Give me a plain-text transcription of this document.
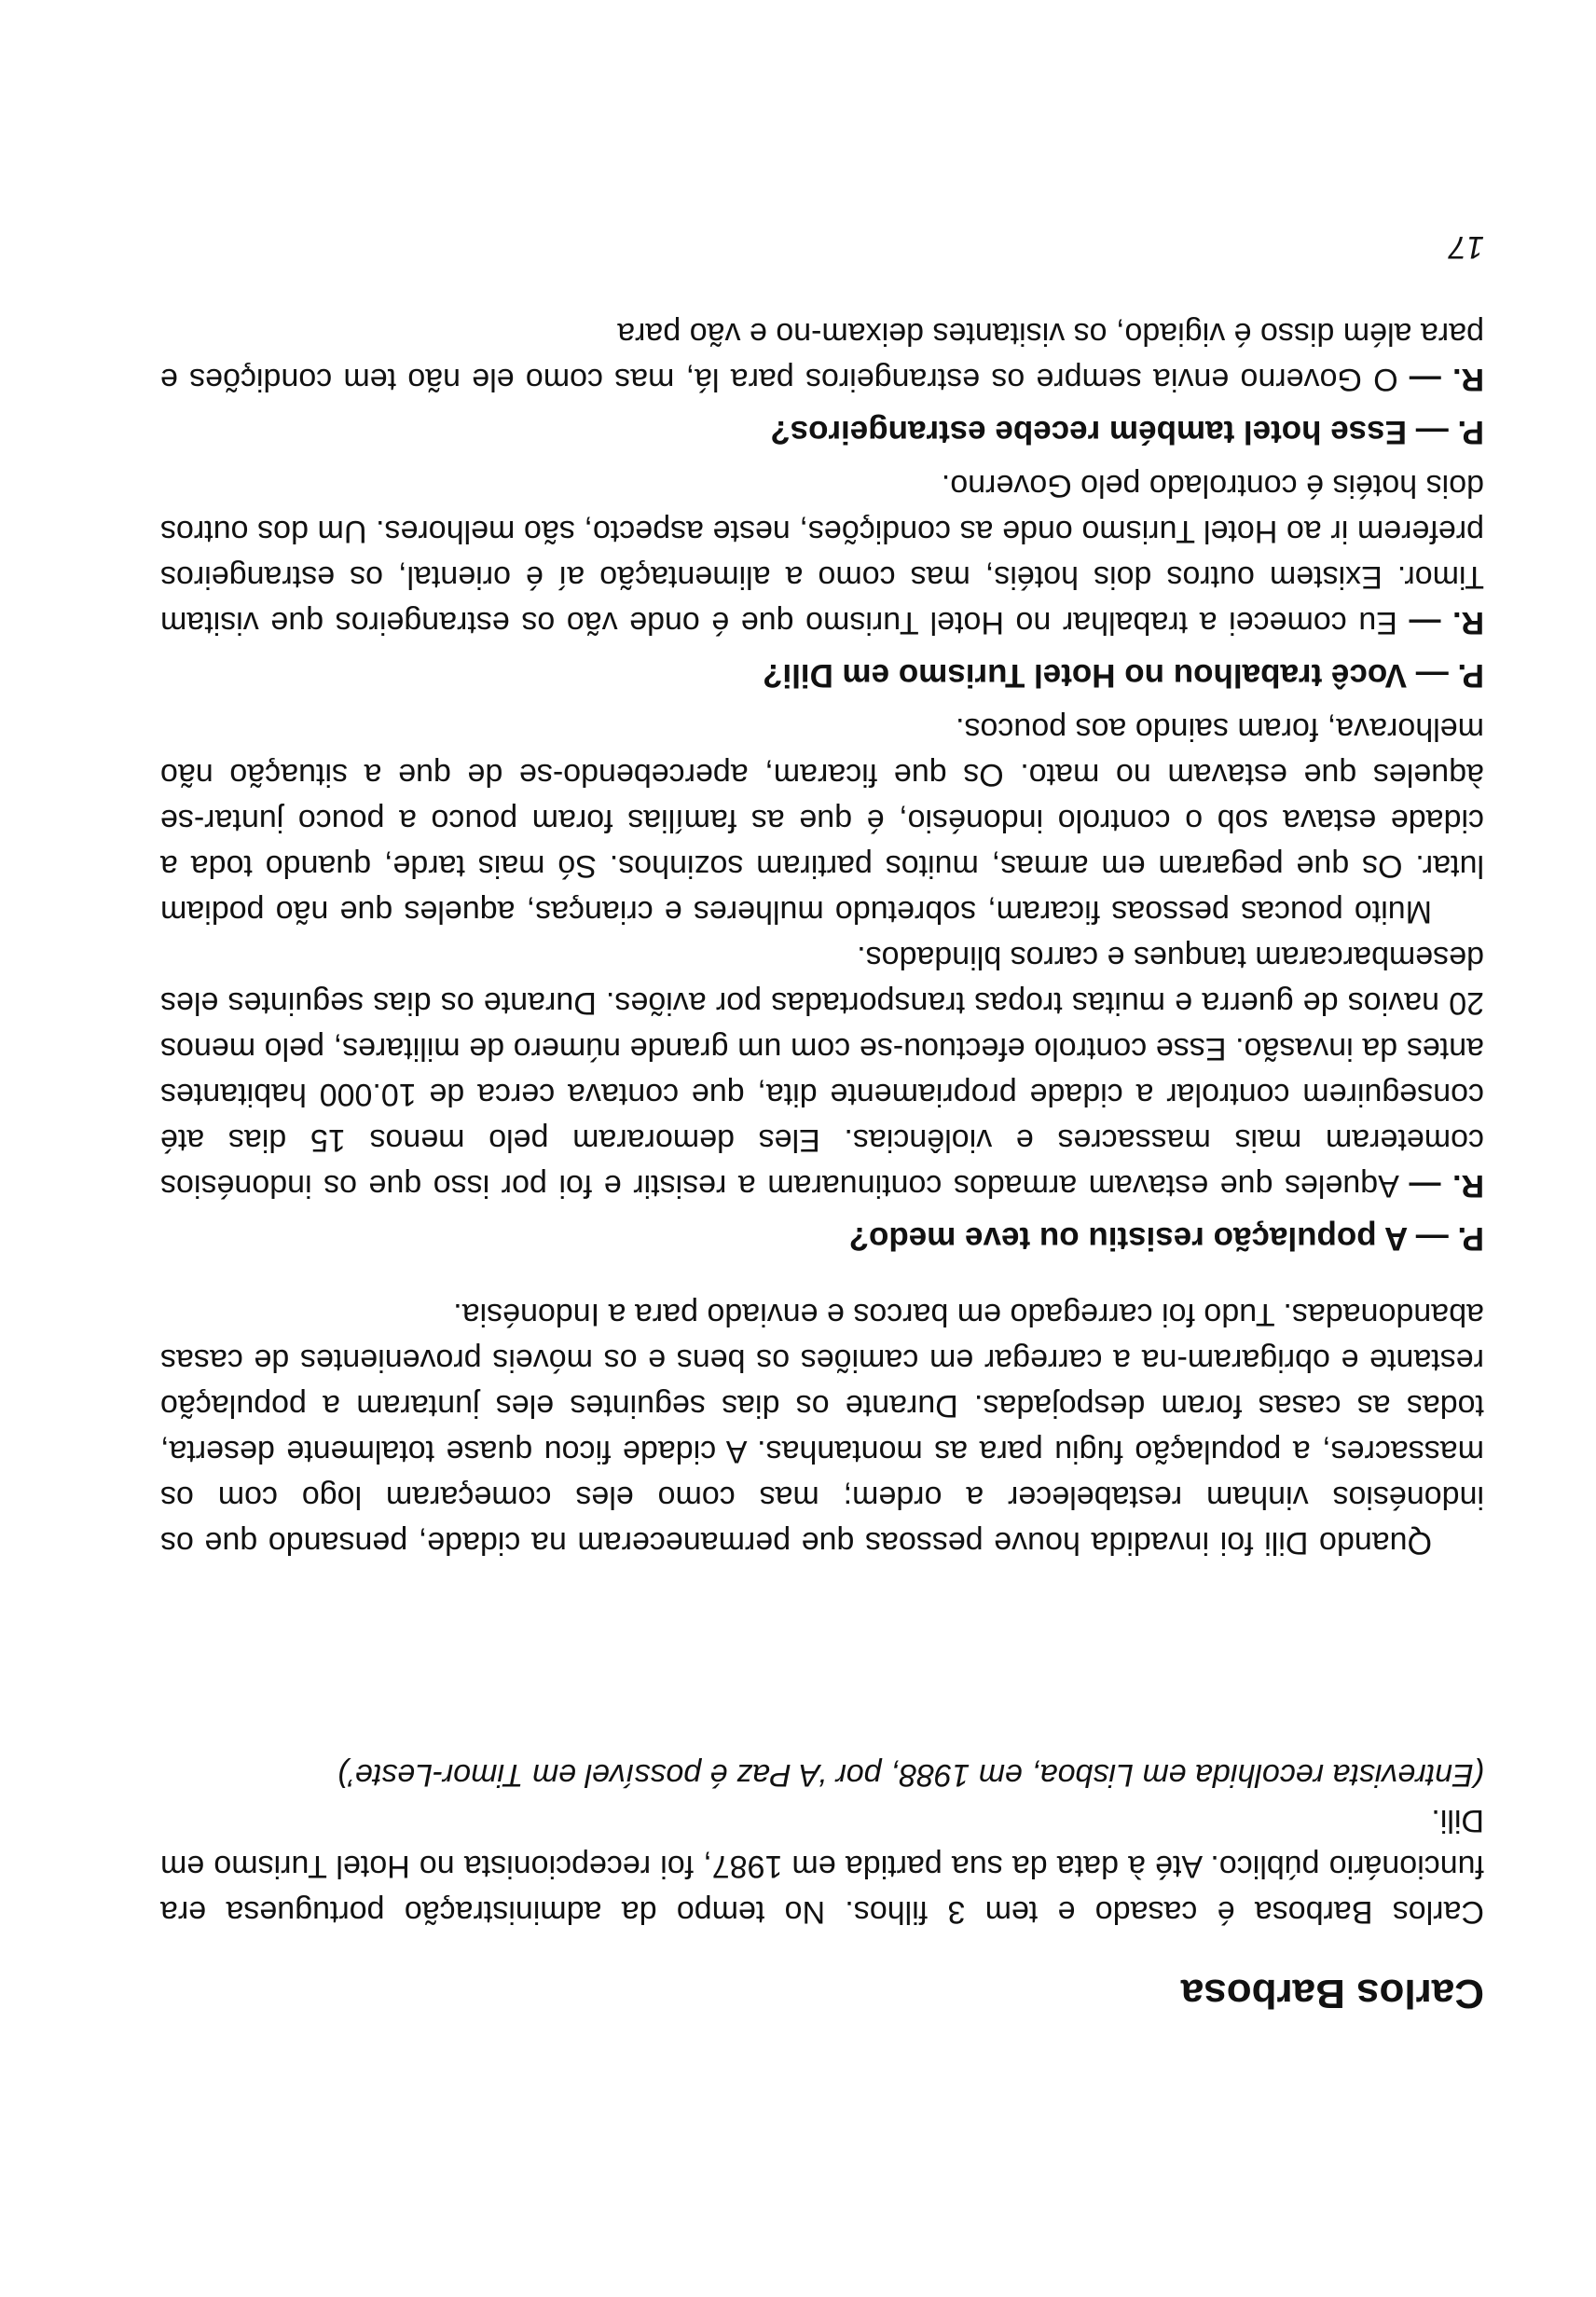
Carlos Barbosa

Carlos Barbosa é casado e tem 3 filhos. No tempo da administração portuguesa era funcionário público. Até à data da sua partida em 1987, foi recepcionista no Hotel Turismo em Dili.

(Entrevista recolhida em Lisboa, em 1988, por ‘A Paz é possível em Timor-Leste’)

Quando Dili foi invadida houve pessoas que permaneceram na cidade, pensando que os indonésios vinham restabelecer a ordem; mas como eles começaram logo com os massacres, a população fugiu para as montanhas. A cidade ficou quase totalmente deserta, todas as casas foram despojadas. Durante os dias seguintes eles juntaram a população restante e obrigaram-na a carregar em camiões os bens e os móveis provenientes de casas abandonadas. Tudo foi carregado em barcos e enviado para a Indonésia.

P. — A população resistiu ou teve medo?

R. — Aqueles que estavam armados continuaram a resistir e foi por isso que os indonésios cometeram mais massacres e violências. Eles demoraram pelo menos 15 dias até conseguirem controlar a cidade propriamente dita, que contava cerca de 10.000 habitantes antes da invasão. Esse controlo efectuou-se com um grande número de militares, pelo menos 20 navios de guerra e muitas tropas transportadas por aviões. Durante os dias seguintes eles desembarcaram tanques e carros blindados.

Muito poucas pessoas ficaram, sobretudo mulheres e crianças, aqueles que não podiam lutar. Os que pegaram em armas, muitos partiram sozinhos. Só mais tarde, quando toda a cidade estava sob o controlo indonésio, é que as famílias foram pouco a pouco juntar-se àqueles que estavam no mato. Os que ficaram, apercebendo-se de que a situação não melhorava, foram saindo aos poucos.

P. — Você trabalhou no Hotel Turismo em Dili?

R. — Eu comecei a trabalhar no Hotel Turismo que é onde vão os estrangeiros que visitam Timor. Existem outros dois hotéis, mas como a alimentação aí é oriental, os estrangeiros preferem ir ao Hotel Turismo onde as condições, neste aspecto, são melhores. Um dos outros dois hotéis é controlado pelo Governo.

P. — Esse hotel também recebe estrangeiros?

R. — O Governo envia sempre os estrangeiros para lá, mas como ele não tem condições e para além disso é vigiado, os visitantes deixam-no e vão para

17
